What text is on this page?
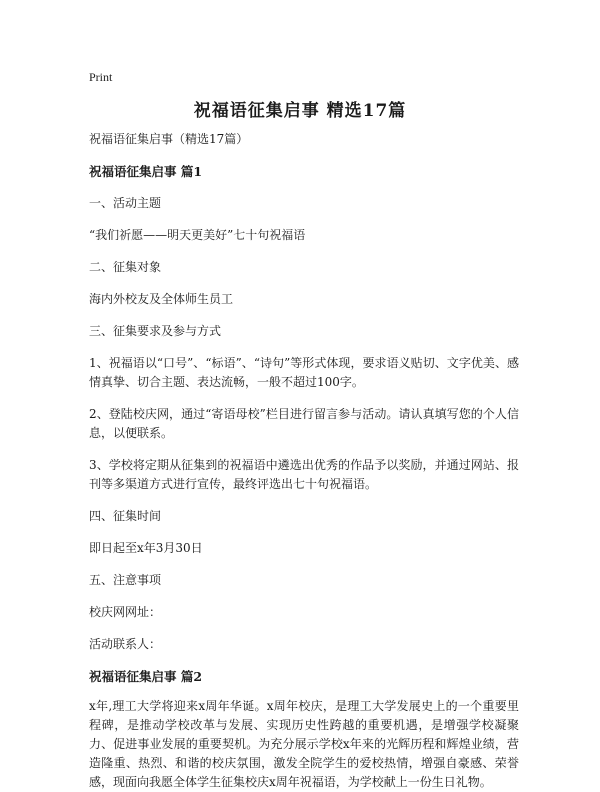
Print
祝福语征集启事 精选17篇

祝福语征集启事（精选17篇）

祝福语征集启事 篇1

一、活动主题

“我们祈愿——明天更美好”七十句祝福语

二、征集对象

海内外校友及全体师生员工

三、征集要求及参与方式

1、祝福语以“口号”、“标语”、“诗句”等形式体现，要求语义贴切、文字优美、感情真挚、切合主题、表达流畅，一般不超过100字。

2、登陆校庆网，通过“寄语母校”栏目进行留言参与活动。请认真填写您的个人信息，以便联系。

3、学校将定期从征集到的祝福语中遴选出优秀的作品予以奖励，并通过网站、报刊等多渠道方式进行宣传，最终评选出七十句祝福语。

四、征集时间

即日起至x年3月30日

五、注意事项

校庆网网址：

活动联系人：

祝福语征集启事 篇2

x年,理工大学将迎来x周年华诞。x周年校庆，是理工大学发展史上的一个重要里程碑，是推动学校改革与发展、实现历史性跨越的重要机遇，是增强学校凝聚力、促进事业发展的重要契机。为充分展示学校x年来的光辉历程和辉煌业绩，营造隆重、热烈、和谐的校庆氛围，激发全院学生的爱校热情，增强自豪感、荣誉感，现面向我愿全体学生征集校庆x周年祝福语，为学校献上一份生日礼物。
